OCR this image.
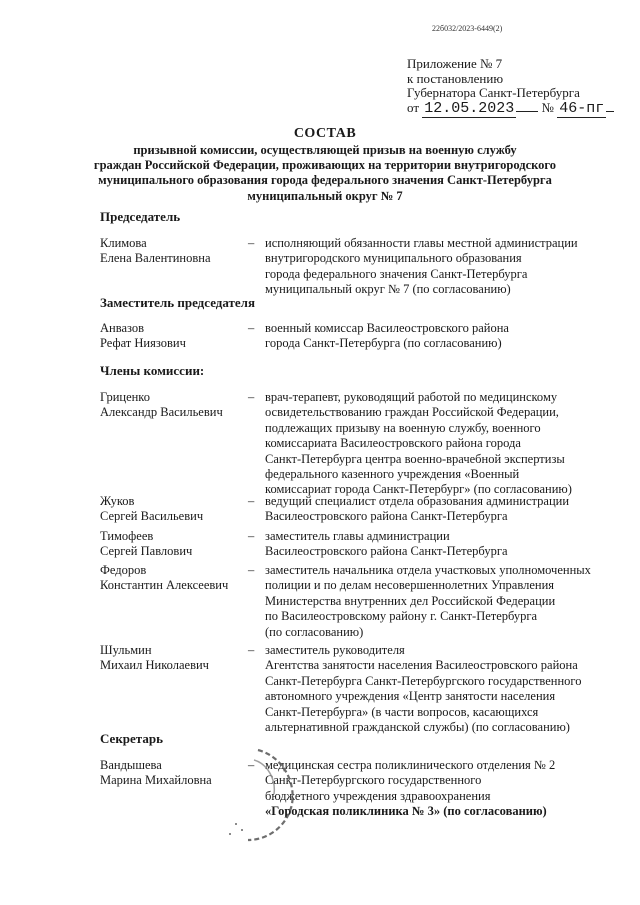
22б032/2023-6449(2)
Приложение № 7
к постановлению
Губернатора Санкт-Петербурга
от 12.05.2023 № 46-пг
СОСТАВ
призывной комиссии, осуществляющей призыв на военную службу
граждан Российской Федерации, проживающих на территории внутригородского
муниципального образования города федерального значения Санкт-Петербурга
муниципальный округ № 7
Председатель
Климова
Елена Валентиновна
– исполняющий обязанности главы местной администрации
внутригородского муниципального образования
города федерального значения Санкт-Петербурга
муниципальный округ № 7 (по согласованию)
Заместитель председателя
Анвазов
Рефат Ниязович
– военный комиссар Василеостровского района
города Санкт-Петербурга (по согласованию)
Члены комиссии:
Гриценко
Александр Васильевич
– врач-терапевт, руководящий работой по медицинскому
освидетельствованию граждан Российской Федерации,
подлежащих призыву на военную службу, военного
комиссариата Василеостровского района города
Санкт-Петербурга центра военно-врачебной экспертизы
федерального казенного учреждения «Военный
комиссариат города Санкт-Петербург» (по согласованию)
Жуков
Сергей Васильевич
– ведущий специалист отдела образования администрации
Василеостровского района Санкт-Петербурга
Тимофеев
Сергей Павлович
– заместитель главы администрации
Василеостровского района Санкт-Петербурга
Федоров
Константин Алексеевич
– заместитель начальника отдела участковых уполномоченных
полиции и по делам несовершеннолетних Управления
Министерства внутренних дел Российской Федерации
по Василеостровскому району г. Санкт-Петербурга
(по согласованию)
Шульмин
Михаил Николаевич
– заместитель руководителя
Агентства занятости населения Василеостровского района
Санкт-Петербурга Санкт-Петербургского государственного
автономного учреждения «Центр занятости населения
Санкт-Петербурга» (в части вопросов, касающихся
альтернативной гражданской службы) (по согласованию)
Секретарь
Вандышева
Марина Михайловна
– медицинская сестра поликлинического отделения № 2
Санкт-Петербургского государственного
бюджетного учреждения здравоохранения
«Городская поликлиника № 3» (по согласованию)
